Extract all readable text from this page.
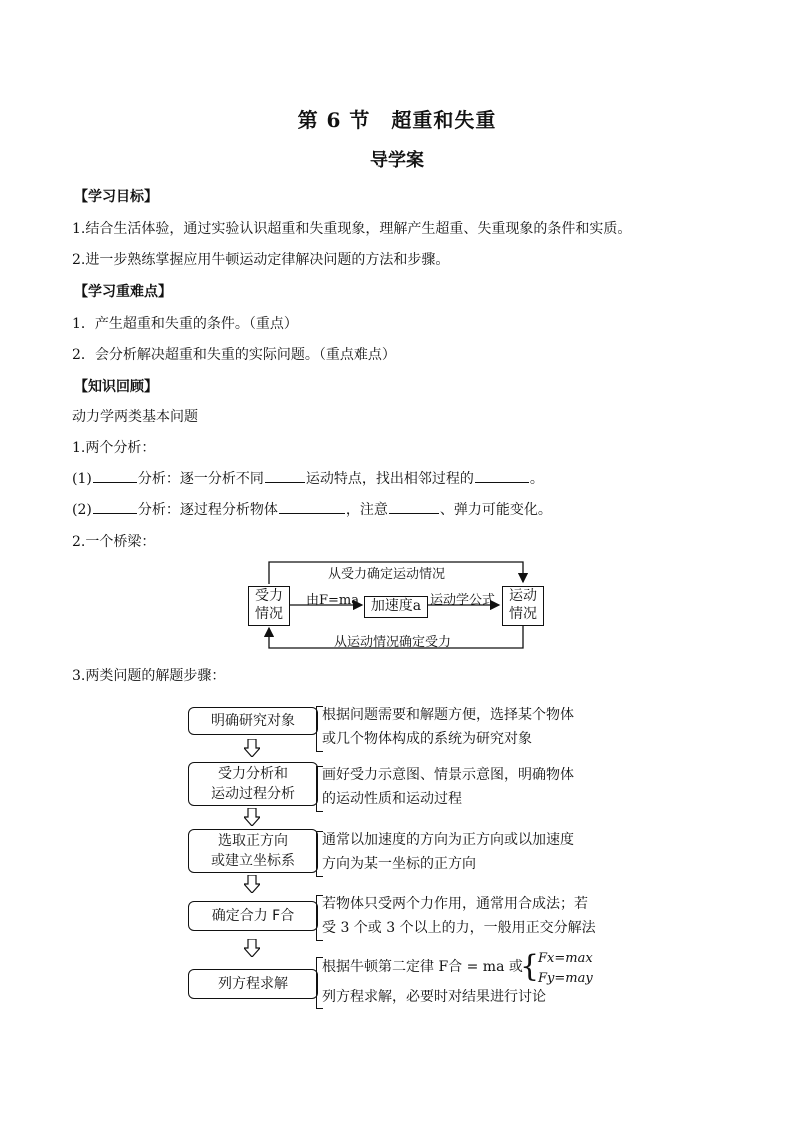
第 6 节　超重和失重
导学案
【学习目标】
1.结合生活体验，通过实验认识超重和失重现象，理解产生超重、失重现象的条件和实质。
2.进一步熟练掌握应用牛顿运动定律解决问题的方法和步骤。
【学习重难点】
1．产生超重和失重的条件。（重点）
2．会分析解决超重和失重的实际问题。（重点难点）
【知识回顾】
动力学两类基本问题
1.两个分析：
(1)	分析：逐一分析不同	运动特点，找出相邻过程的	。
(2)	分析：逐过程分析物体	，注意	、弹力可能变化。
2.一个桥梁：
受力
情况
运动
情况
加速度a
从受力确定运动情况
从运动情况确定受力
由F=ma	运动学公式
3.两类问题的解题步骤：
明确研究对象 根据问题需要和解题方便，选择某个物体
或几个物体构成的系统为研究对象
受力分析和
运动过程分析
画好受力示意图、情景示意图，明确物体
的运动性质和运动过程
选取正方向
或建立坐标系
通常以加速度的方向为正方向或以加速度
方向为某一坐标的正方向
确定合力 F合
若物体只受两个力作用，通常用合成法；若
受 3 个或 3 个以上的力，一般用正交分解法
列方程求解
根据牛顿第二定律 F合 = ma 或
{
Fx=max
Fy=may
列方程求解，必要时对结果进行讨论
